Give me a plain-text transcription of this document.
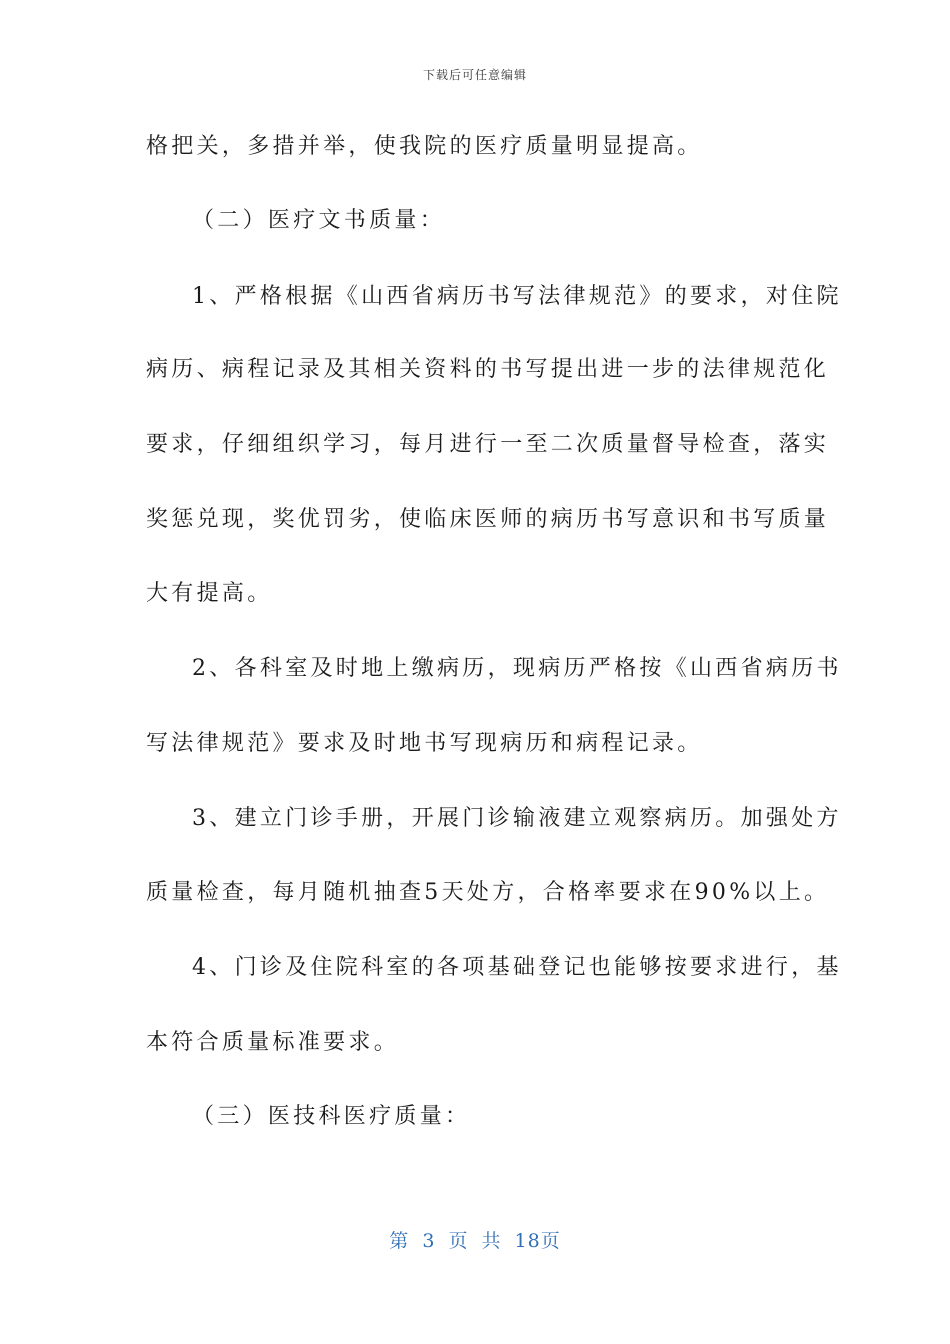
下载后可任意编辑
格把关，多措并举，使我院的医疗质量明显提高。
（二）医疗文书质量：
1、严格根据《山西省病历书写法律规范》的要求，对住院
病历、病程记录及其相关资料的书写提出进一步的法律规范化
要求，仔细组织学习，每月进行一至二次质量督导检查，落实
奖惩兑现，奖优罚劣，使临床医师的病历书写意识和书写质量
大有提高。
2、各科室及时地上缴病历，现病历严格按《山西省病历书
写法律规范》要求及时地书写现病历和病程记录。
3、建立门诊手册，开展门诊输液建立观察病历。加强处方
质量检查，每月随机抽查5天处方，合格率要求在90%以上。
4、门诊及住院科室的各项基础登记也能够按要求进行，基
本符合质量标准要求。
（三）医技科医疗质量：
第 3 页 共 18页
